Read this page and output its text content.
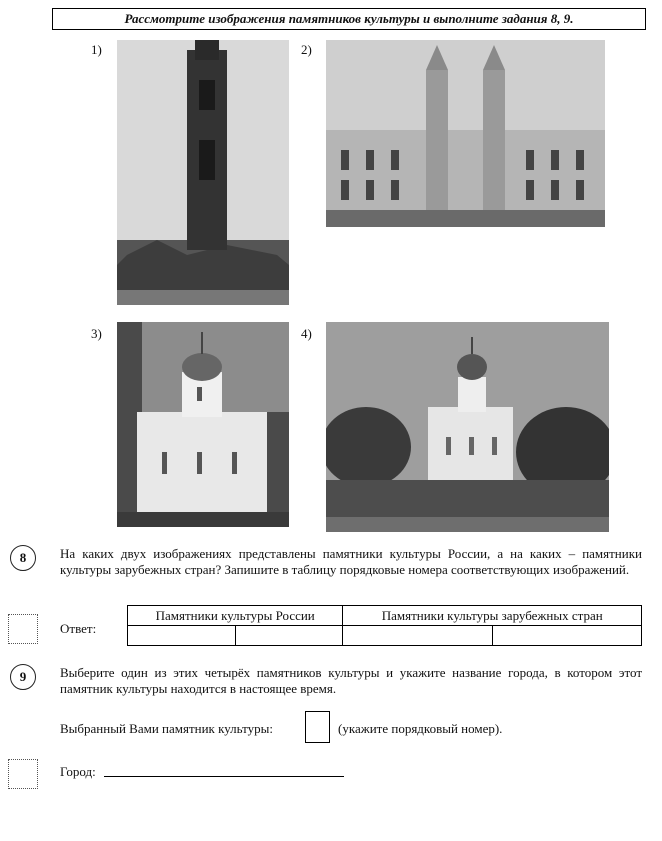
Рассмотрите изображения памятников культуры и выполните задания 8, 9.
1)	2)
3)	4)
8	На каких двух изображениях представлены памятники культуры России, а на каких – памятники культуры зарубежных стран? Запишите в таблицу порядковые номера соответствующих изображений.
Ответ:
Памятники культуры России		Памятники культуры зарубежных стран	

9	Выберите один из этих четырёх памятников культуры и укажите название города, в котором этот памятник культуры находится в настоящее время.
Выбранный Вами памятник культуры:	(укажите порядковый номер).
Город:
